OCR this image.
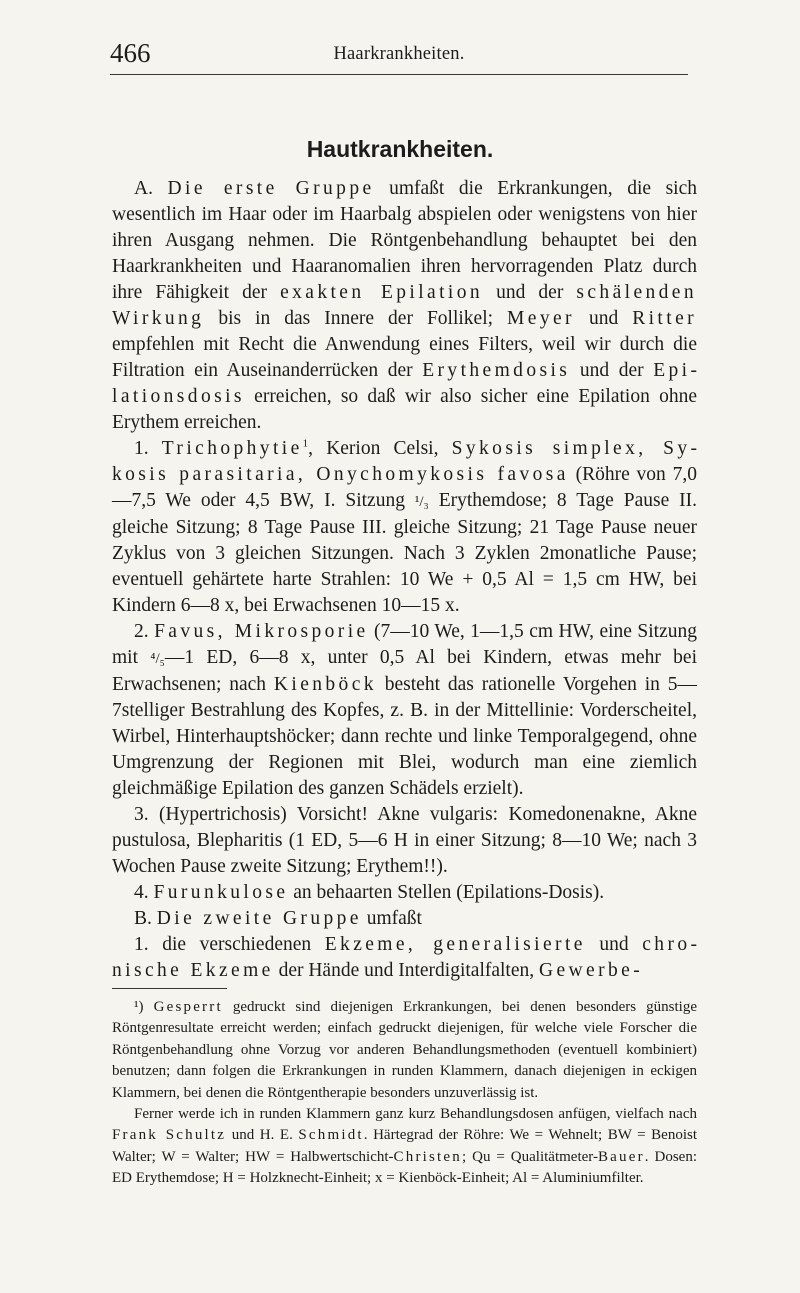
466	Haarkrankheiten.
Hautkrankheiten.

A. Die erste Gruppe umfaßt die Erkrankungen, die sich wesentlich im Haar oder im Haarbalg abspielen oder wenigstens von hier ihren Ausgang nehmen. Die Röntgenbehandlung behauptet bei den Haarkrankheiten und Haaranomalien ihren hervorragenden Platz durch ihre Fähigkeit der exakten Epilation und der schälenden Wirkung bis in das Innere der Follikel; Meyer und Ritter empfehlen mit Recht die Anwendung eines Filters, weil wir durch die Filtration ein Auseinanderrücken der Erythemdosis und der Epilationsdosis erreichen, so daß wir also sicher eine Epilation ohne Erythem erreichen.

1. Trichophytie$^1$, Kerion Celsi, Sykosis simplex, Sykosis parasitaria, Onychomykosis favosa (Röhre von 7,0—7,5 We oder 4,5 BW, I. Sitzung ¹/₃ Erythemdose; 8 Tage Pause II. gleiche Sitzung; 8 Tage Pause III. gleiche Sitzung; 21 Tage Pause neuer Zyklus von 3 gleichen Sitzungen. Nach 3 Zyklen 2monatliche Pause; eventuell gehärtete harte Strahlen: 10 We + 0,5 Al = 1,5 cm HW, bei Kindern 6—8 x, bei Erwachsenen 10—15 x.

2. Favus, Mikrosporie (7—10 We, 1—1,5 cm HW, eine Sitzung mit ⁴/₅—1 ED, 6—8 x, unter 0,5 Al bei Kindern, etwas mehr bei Erwachsenen; nach Kienböck besteht das rationelle Vorgehen in 5—7stelliger Bestrahlung des Kopfes, z. B. in der Mittellinie: Vorderscheitel, Wirbel, Hinterhauptshöcker; dann rechte und linke Temporalgegend, ohne Umgrenzung der Regionen mit Blei, wodurch man eine ziemlich gleichmäßige Epilation des ganzen Schädels erzielt).

3. (Hypertrichosis) Vorsicht! Akne vulgaris: Komedonenakne, Akne pustulosa, Blepharitis (1 ED, 5—6 H in einer Sitzung; 8—10 We; nach 3 Wochen Pause zweite Sitzung; Erythem!!).

4. Furunkulose an behaarten Stellen (Epilations-Dosis).

B. Die zweite Gruppe umfaßt

1. die verschiedenen Ekzeme, generalisierte und chronische Ekzeme der Hände und Interdigitalfalten, Gewerbe-

¹) Gesperrt gedruckt sind diejenigen Erkrankungen, bei denen besonders günstige Röntgenresultate erreicht werden; einfach gedruckt diejenigen, für welche viele Forscher die Röntgenbehandlung ohne Vorzug vor anderen Behandlungsmethoden (eventuell kombiniert) benutzen; dann folgen die Erkrankungen in runden Klammern, danach diejenigen in eckigen Klammern, bei denen die Röntgentherapie besonders unzuverlässig ist.

Ferner werde ich in runden Klammern ganz kurz Behandlungsdosen anfügen, vielfach nach Frank Schultz und H. E. Schmidt. Härtegrad der Röhre: We = Wehnelt; BW = Benoist Walter; W = Walter; HW = Halbwertschicht-Christen; Qu = Qualitätmeter-Bauer. Dosen: ED Erythemdose; H = Holzknecht-Einheit; x = Kienböck-Einheit; Al = Aluminiumfilter.
